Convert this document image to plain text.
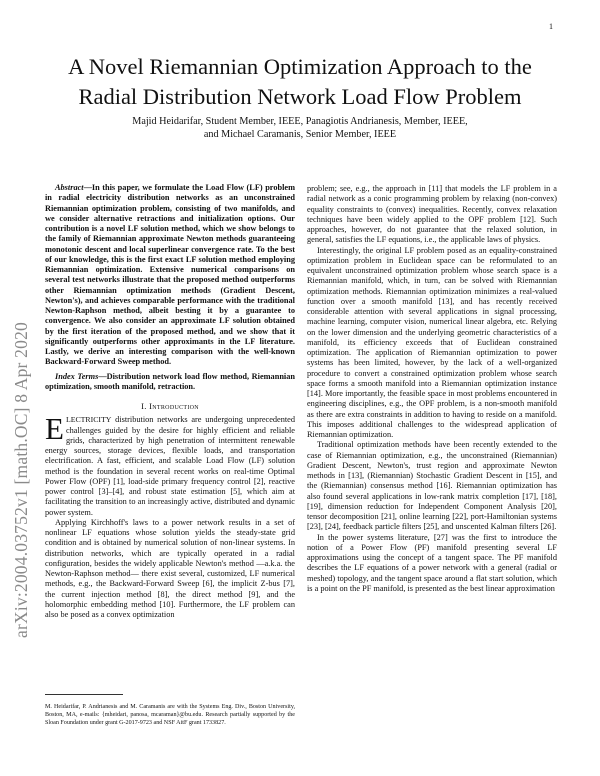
1
arXiv:2004.03752v1 [math.OC] 8 Apr 2020
A Novel Riemannian Optimization Approach to the
Radial Distribution Network Load Flow Problem
Majid Heidarifar, Student Member, IEEE, Panagiotis Andrianesis, Member, IEEE,
and Michael Caramanis, Senior Member, IEEE

Abstract—In this paper, we formulate the Load Flow (LF) problem in radial electricity distribution networks as an unconstrained Riemannian optimization problem, consisting of two manifolds, and we consider alternative retractions and initialization options. Our contribution is a novel LF solution method, which we show belongs to the family of Riemannian approximate Newton methods guaranteeing monotonic descent and local superlinear convergence rate. To the best of our knowledge, this is the first exact LF solution method employing Riemannian optimization. Extensive numerical comparisons on several test networks illustrate that the proposed method outperforms other Riemannian optimization methods (Gradient Descent, Newton's), and achieves comparable performance with the traditional Newton-Raphson method, albeit besting it by a guarantee to convergence. We also consider an approximate LF solution obtained by the first iteration of the proposed method, and we show that it significantly outperforms other approximants in the LF literature. Lastly, we derive an interesting comparison with the well-known Backward-Forward Sweep method.

Index Terms—Distribution network load flow method, Riemannian optimization, smooth manifold, retraction.

I. Introduction

ELECTRICITY distribution networks are undergoing unprecedented challenges guided by the desire for highly efficient and reliable grids, characterized by high penetration of intermittent renewable energy sources, storage devices, flexible loads, and transportation electrification. A fast, efficient, and scalable Load Flow (LF) solution method is the foundation in several recent works on real-time Optimal Power Flow (OPF) [1], load-side primary frequency control [2], reactive power control [3]–[4], and robust state estimation [5], which aim at facilitating the transition to an increasingly active, distributed and dynamic power system.

Applying Kirchhoff's laws to a power network results in a set of nonlinear LF equations whose solution yields the steady-state grid condition and is obtained by numerical solution of non-linear systems. In distribution networks, which are typically operated in a radial configuration, besides the widely applicable Newton's method —a.k.a. the Newton-Raphson method— there exist several, customized, LF numerical methods, e.g., the Backward-Forward Sweep [6], the implicit Z-bus [7], the current injection method [8], the direct method [9], and the holomorphic embedding method [10]. Furthermore, the LF problem can also be posed as a convex optimization

problem; see, e.g., the approach in [11] that models the LF problem in a radial network as a conic programming problem by relaxing (non-convex) equality constraints to (convex) inequalities. Recently, convex relaxation techniques have been widely applied to the OPF problem [12]. Such approaches, however, do not guarantee that the relaxed solution, in general, satisfies the LF equations, i.e., the applicable laws of physics.

Interestingly, the original LF problem posed as an equality-constrained optimization problem in Euclidean space can be reformulated to an equivalent unconstrained optimization problem whose search space is a Riemannian manifold, which, in turn, can be solved with Riemannian optimization methods. Riemannian optimization minimizes a real-valued function over a smooth manifold [13], and has recently received considerable attention with several applications in signal processing, machine learning, computer vision, numerical linear algebra, etc. Relying on the lower dimension and the underlying geometric characteristics of a manifold, its efficiency exceeds that of Euclidean constrained optimization. The application of Riemannian optimization to power systems has been limited, however, by the lack of a well-organized procedure to convert a constrained optimization problem whose search space forms a smooth manifold into a Riemannian optimization instance [14]. More importantly, the feasible space in most problems encountered in engineering disciplines, e.g., the OPF problem, is a non-smooth manifold as there are extra constraints in addition to having to reside on a manifold. This imposes additional challenges to the widespread application of Riemannian optimization.

Traditional optimization methods have been recently extended to the case of Riemannian optimization, e.g., the unconstrained (Riemannian) Gradient Descent, Newton's, trust region and approximate Newton methods in [13], (Riemannian) Stochastic Gradient Descent in [15], and the (Riemannian) consensus method [16]. Riemannian optimization has also found several applications in low-rank matrix completion [17], [18], [19], dimension reduction for Independent Component Analysis [20], tensor decomposition [21], online learning [22], port-Hamiltonian systems [23], [24], feedback particle filters [25], and unscented Kalman filters [26].

In the power systems literature, [27] was the first to introduce the notion of a Power Flow (PF) manifold presenting several LF approximations using the concept of a tangent space. The PF manifold describes the LF equations of a power network with a general (radial or meshed) topology, and the tangent space around a flat start solution, which is a point on the PF manifold, is presented as the best linear approximation

M. Heidarifar, P. Andrianesis and M. Caramanis are with the Systems Eng. Div., Boston University, Boston, MA, e-mails: {mheidari, panosa, mcaraman}@bu.edu. Research partially supported by the Sloan Foundation under grant G-2017-9723 and NSF AitF grant 1733827.
